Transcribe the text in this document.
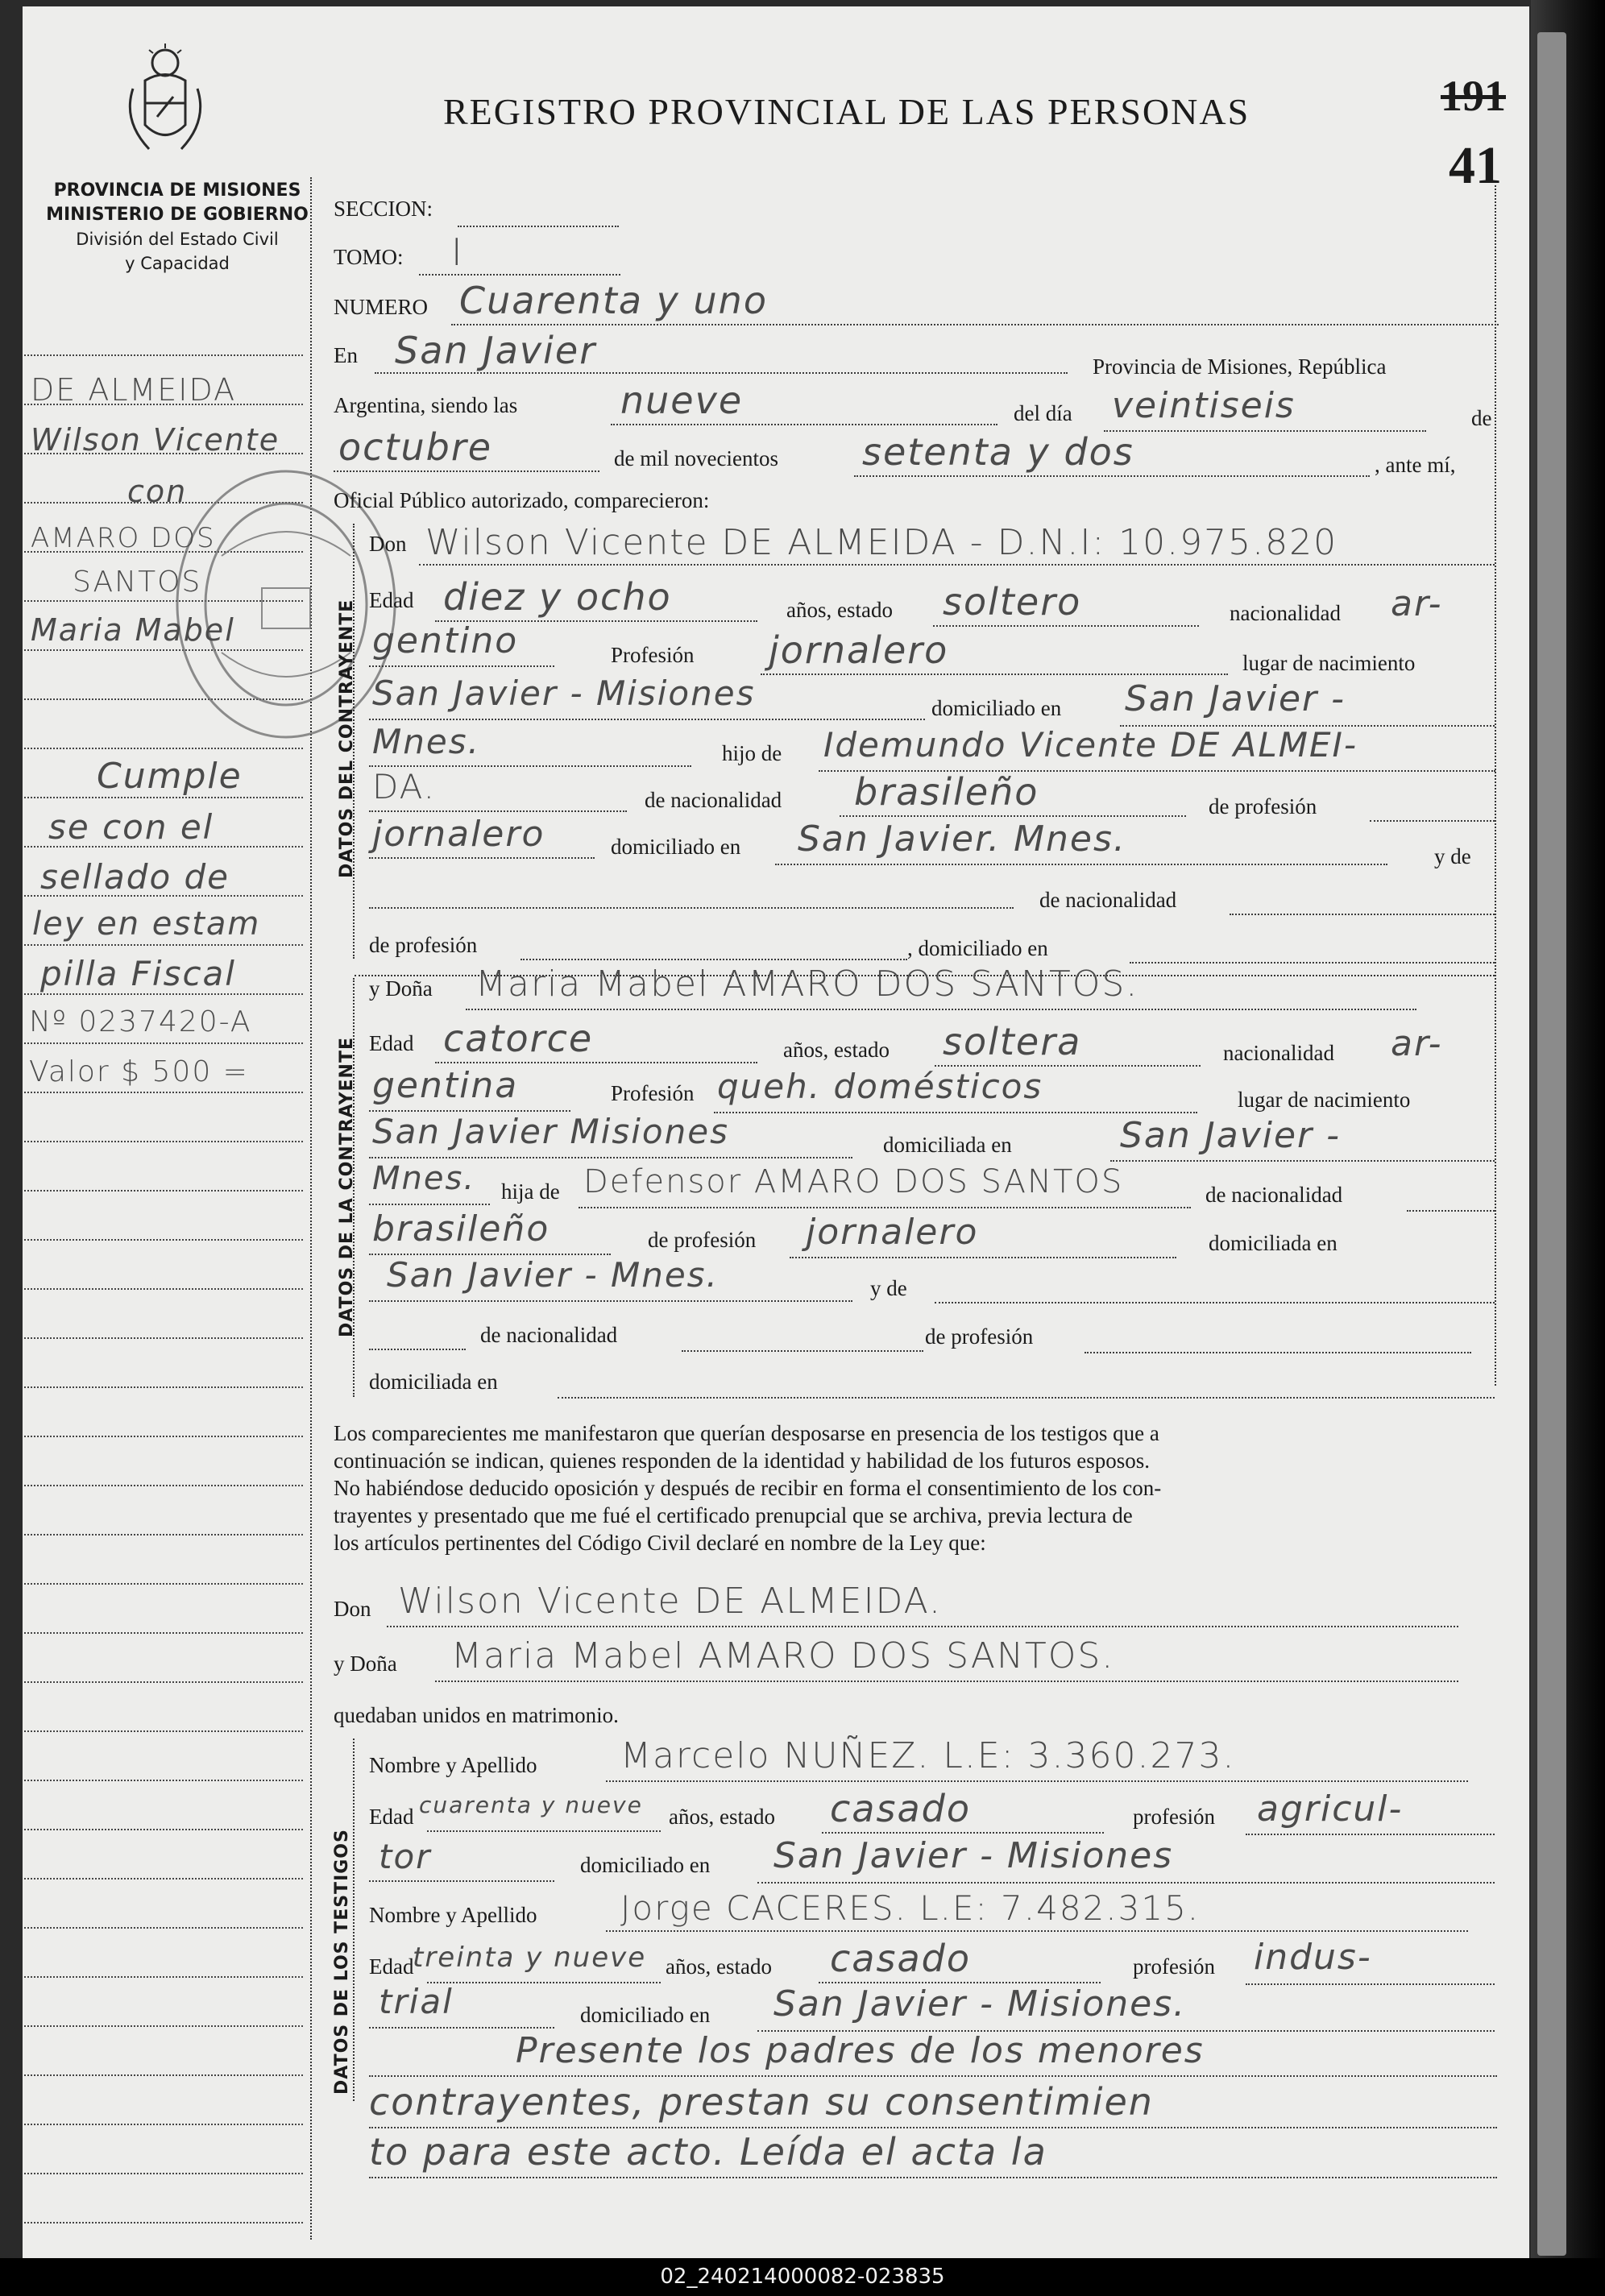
PROVINCIA DE MISIONES
MINISTERIO DE GOBIERNO
División del Estado Civil
y Capacidad
REGISTRO PROVINCIAL DE LAS PERSONAS	191
41
DE ALMEIDA
Wilson Vicente
con
AMARO DOS
SANTOS
Maria Mabel
Cumple
se con el
sellado de
ley en estam
pilla Fiscal
Nº 0237420-A
Valor $ 500 =
SECCION:
TOMO: I
NUMERO Cuarenta y uno
En San Javier	Provincia de Misiones, República
Argentina, siendo las	nueve	del día veintiseis	de
octubre	de mil novecientos setenta y dos	, ante mí,
Oficial Público autorizado, comparecieron:
DATOS DEL CONTRAYENTE
Don Wilson Vicente DE ALMEIDA - D.N.I: 10.975.820
Edad diez y ocho	años, estado soltero	nacionalidad ar-
gentino	Profesión jornalero	lugar de nacimiento
San Javier - Misiones	domiciliado en San Javier -
Mnes.	hijo de Idemundo Vicente DE ALMEI-
DA.	de nacionalidad brasileño	de profesión
jornalero	domiciliado en San Javier. Mnes.	y de
de nacionalidad
de profesión	, domiciliado en
DATOS DE LA CONTRAYENTE
y Doña Maria Mabel AMARO DOS SANTOS.
Edad catorce	años, estado soltera	nacionalidad ar-
gentina	Profesión queh. domésticos	lugar de nacimiento
San Javier Misiones	domiciliada en	San Javier -
Mnes. hija de Defensor AMARO DOS SANTOS	de nacionalidad
brasileño	de profesión jornalero	domiciliada en
San Javier - Mnes.	y de
de nacionalidad	de profesión
domiciliada en
Los comparecientes me manifestaron que querían desposarse en presencia de los testigos que a
continuación se indican, quienes responden de la identidad y habilidad de los futuros esposos.
No habiéndose deducido oposición y después de recibir en forma el consentimiento de los con-
trayentes y presentado que me fué el certificado prenupcial que se archiva, previa lectura de
los artículos pertinentes del Código Civil declaré en nombre de la Ley que:
Don Wilson Vicente DE ALMEIDA.
y Doña Maria Mabel AMARO DOS SANTOS.
quedaban unidos en matrimonio.
DATOS DE LOS TESTIGOS
Nombre y Apellido Marcelo NUÑEZ. L.E: 3.360.273.
Edad cuarenta y nueve años, estado casado	profesión agricul-
tor	domiciliado en San Javier - Misiones
Nombre y Apellido Jorge CACERES. L.E: 7.482.315.
Edad
treinta y nueve años, estado casado	profesión indus-
trial	domiciliado en San Javier - Misiones.
Presente los padres de los menores
contrayentes, prestan su consentimien
to para este acto. Leída el acta la
02_240214000082-023835
